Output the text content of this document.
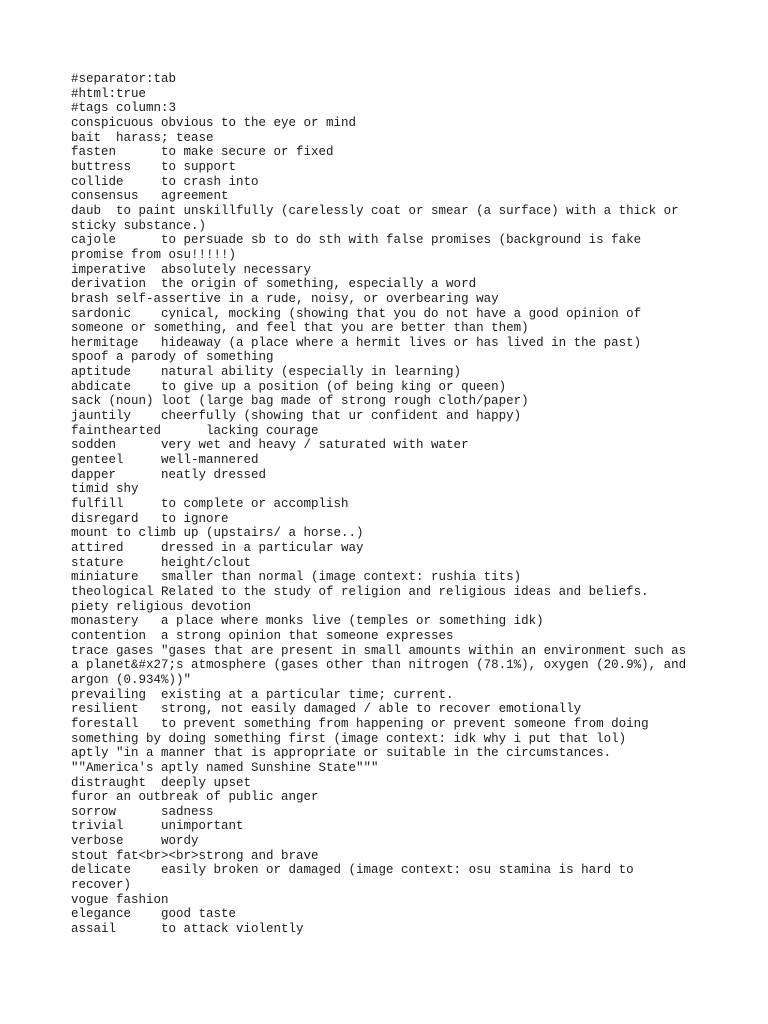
#separator:tab
#html:true
#tags column:3
conspicuous obvious to the eye or mind
bait  harass; tease
fasten      to make secure or fixed
buttress    to support
collide     to crash into
consensus   agreement
daub  to paint unskillfully (carelessly coat or smear (a surface) with a thick or
sticky substance.)
cajole      to persuade sb to do sth with false promises (background is fake
promise from osu!!!!!)
imperative  absolutely necessary
derivation  the origin of something, especially a word
brash self-assertive in a rude, noisy, or overbearing way
sardonic    cynical, mocking (showing that you do not have a good opinion of
someone or something, and feel that you are better than them)
hermitage   hideaway (a place where a hermit lives or has lived in the past)
spoof a parody of something
aptitude    natural ability (especially in learning)
abdicate    to give up a position (of being king or queen)
sack (noun) loot (large bag made of strong rough cloth/paper)
jauntily    cheerfully (showing that ur confident and happy)
fainthearted      lacking courage
sodden      very wet and heavy / saturated with water
genteel     well-mannered
dapper      neatly dressed
timid shy
fulfill     to complete or accomplish
disregard   to ignore
mount to climb up (upstairs/ a horse..)
attired     dressed in a particular way
stature     height/clout
miniature   smaller than normal (image context: rushia tits)
theological Related to the study of religion and religious ideas and beliefs.
piety religious devotion
monastery   a place where monks live (temples or something idk)
contention  a strong opinion that someone expresses
trace gases "gases that are present in small amounts within an environment such as
a planet&#x27;s atmosphere (gases other than nitrogen (78.1%), oxygen (20.9%), and
argon (0.934%))"
prevailing  existing at a particular time; current.
resilient   strong, not easily damaged / able to recover emotionally
forestall   to prevent something from happening or prevent someone from doing
something by doing something first (image context: idk why i put that lol)
aptly "in a manner that is appropriate or suitable in the circumstances.
""America's aptly named Sunshine State"""
distraught  deeply upset
furor an outbreak of public anger
sorrow      sadness
trivial     unimportant
verbose     wordy
stout fat<br><br>strong and brave
delicate    easily broken or damaged (image context: osu stamina is hard to
recover)
vogue fashion
elegance    good taste
assail      to attack violently
